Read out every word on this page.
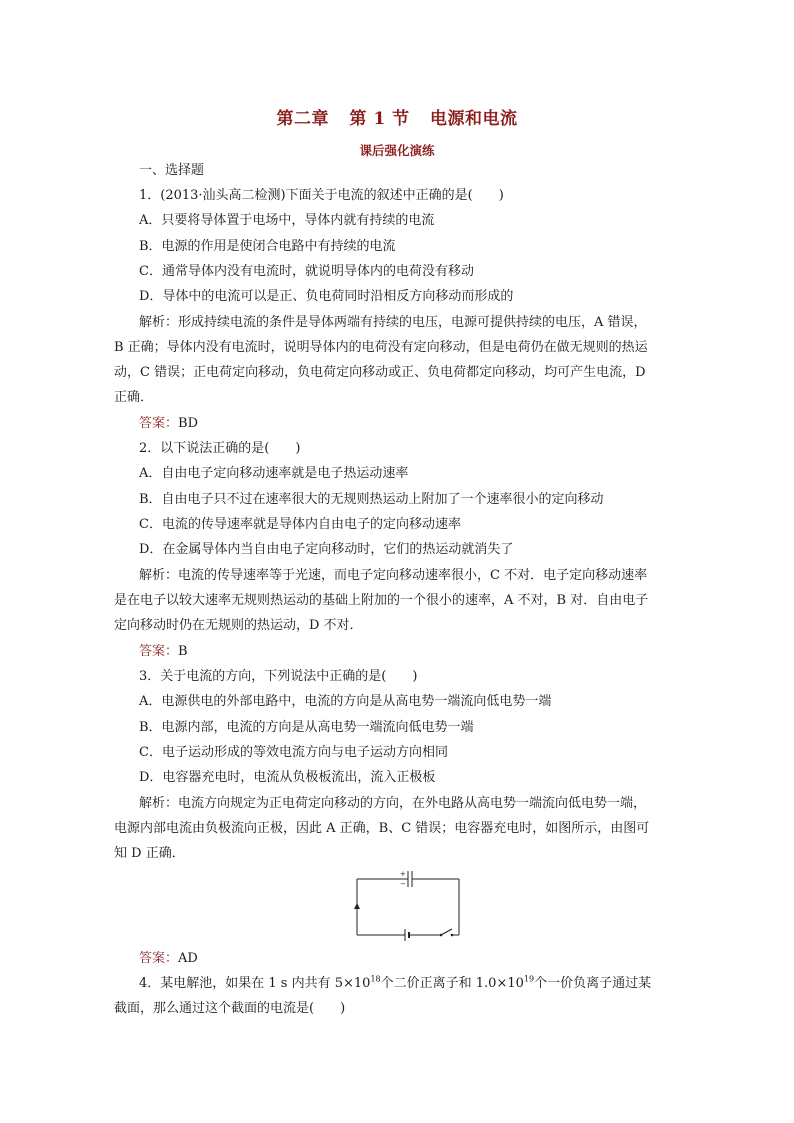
第二章 第 1 节 电源和电流
课后强化演练
一、选择题
1．(2013·汕头高二检测)下面关于电流的叙述中正确的是(　　)
A．只要将导体置于电场中，导体内就有持续的电流
B．电源的作用是使闭合电路中有持续的电流
C．通常导体内没有电流时，就说明导体内的电荷没有移动
D．导体中的电流可以是正、负电荷同时沿相反方向移动而形成的
解析：形成持续电流的条件是导体两端有持续的电压，电源可提供持续的电压，A 错误，
B 正确；导体内没有电流时，说明导体内的电荷没有定向移动，但是电荷仍在做无规则的热运
动，C 错误；正电荷定向移动，负电荷定向移动或正、负电荷都定向移动，均可产生电流，D
正确．
答案：BD
2．以下说法正确的是(　　)
A．自由电子定向移动速率就是电子热运动速率
B．自由电子只不过在速率很大的无规则热运动上附加了一个速率很小的定向移动
C．电流的传导速率就是导体内自由电子的定向移动速率
D．在金属导体内当自由电子定向移动时，它们的热运动就消失了
解析：电流的传导速率等于光速，而电子定向移动速率很小，C 不对．电子定向移动速率
是在电子以较大速率无规则热运动的基础上附加的一个很小的速率，A 不对，B 对．自由电子
定向移动时仍在无规则的热运动，D 不对．
答案：B
3．关于电流的方向，下列说法中正确的是(　　)
A．电源供电的外部电路中，电流的方向是从高电势一端流向低电势一端
B．电源内部，电流的方向是从高电势一端流向低电势一端
C．电子运动形成的等效电流方向与电子运动方向相同
D．电容器充电时，电流从负极板流出，流入正极板
解析：电流方向规定为正电荷定向移动的方向，在外电路从高电势一端流向低电势一端，
电源内部电流由负极流向正极，因此 A 正确，B、C 错误；电容器充电时，如图所示，由图可
知 D 正确．
+
−
答案：AD
4．某电解池，如果在 1 s 内共有 $5\times 10^{18}$个二价正离子和 $1.0\times 10^{19}$个一价负离子通过某
截面，那么通过这个截面的电流是(　　)
